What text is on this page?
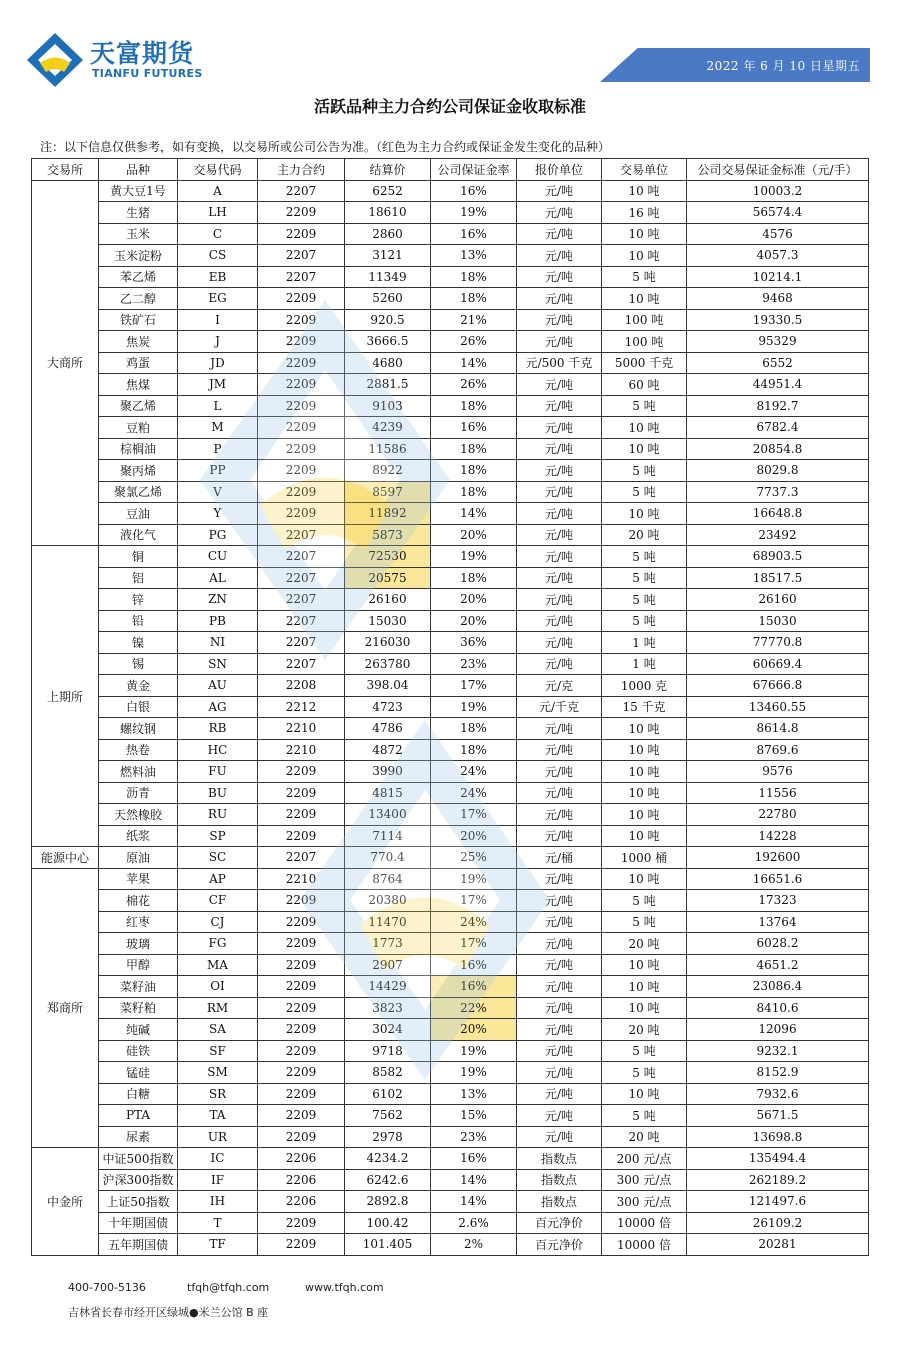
天富期货
TIANFU FUTURES
2022 年 6 月 10 日星期五
活跃品种主力合约公司保证金收取标准
注：以下信息仅供参考，如有变换，以交易所或公司公告为准。（红色为主力合约或保证金发生变化的品种）
交易所	品种	交易代码	主力合约	结算价	公司保证金率	报价单位	交易单位	公司交易保证金标准（元/手）
大商所	黄大豆1号	A	2207	6252	16%	元/吨	10 吨	10003.2
	生猪	LH	2209	18610	19%	元/吨	16 吨	56574.4
	玉米	C	2209	2860	16%	元/吨	10 吨	4576
	玉米淀粉	CS	2207	3121	13%	元/吨	10 吨	4057.3
	苯乙烯	EB	2207	11349	18%	元/吨	5 吨	10214.1
	乙二醇	EG	2209	5260	18%	元/吨	10 吨	9468
	铁矿石	I	2209	920.5	21%	元/吨	100 吨	19330.5
	焦炭	J	2209	3666.5	26%	元/吨	100 吨	95329
	鸡蛋	JD	2209	4680	14%	元/500 千克	5000 千克	6552
	焦煤	JM	2209	2881.5	26%	元/吨	60 吨	44951.4
	聚乙烯	L	2209	9103	18%	元/吨	5 吨	8192.7
	豆粕	M	2209	4239	16%	元/吨	10 吨	6782.4
	棕榈油	P	2209	11586	18%	元/吨	10 吨	20854.8
	聚丙烯	PP	2209	8922	18%	元/吨	5 吨	8029.8
	聚氯乙烯	V	2209	8597	18%	元/吨	5 吨	7737.3
	豆油	Y	2209	11892	14%	元/吨	10 吨	16648.8
	液化气	PG	2207	5873	20%	元/吨	20 吨	23492
上期所	铜	CU	2207	72530	19%	元/吨	5 吨	68903.5
	铝	AL	2207	20575	18%	元/吨	5 吨	18517.5
	锌	ZN	2207	26160	20%	元/吨	5 吨	26160
	铅	PB	2207	15030	20%	元/吨	5 吨	15030
	镍	NI	2207	216030	36%	元/吨	1 吨	77770.8
	锡	SN	2207	263780	23%	元/吨	1 吨	60669.4
	黄金	AU	2208	398.04	17%	元/克	1000 克	67666.8
	白银	AG	2212	4723	19%	元/千克	15 千克	13460.55
	螺纹钢	RB	2210	4786	18%	元/吨	10 吨	8614.8
	热卷	HC	2210	4872	18%	元/吨	10 吨	8769.6
	燃料油	FU	2209	3990	24%	元/吨	10 吨	9576
	沥青	BU	2209	4815	24%	元/吨	10 吨	11556
	天然橡胶	RU	2209	13400	17%	元/吨	10 吨	22780
	纸浆	SP	2209	7114	20%	元/吨	10 吨	14228
能源中心	原油	SC	2207	770.4	25%	元/桶	1000 桶	192600
郑商所	苹果	AP	2210	8764	19%	元/吨	10 吨	16651.6
	棉花	CF	2209	20380	17%	元/吨	5 吨	17323
	红枣	CJ	2209	11470	24%	元/吨	5 吨	13764
	玻璃	FG	2209	1773	17%	元/吨	20 吨	6028.2
	甲醇	MA	2209	2907	16%	元/吨	10 吨	4651.2
	菜籽油	OI	2209	14429	16%	元/吨	10 吨	23086.4
	菜籽粕	RM	2209	3823	22%	元/吨	10 吨	8410.6
	纯碱	SA	2209	3024	20%	元/吨	20 吨	12096
	硅铁	SF	2209	9718	19%	元/吨	5 吨	9232.1
	锰硅	SM	2209	8582	19%	元/吨	5 吨	8152.9
	白糖	SR	2209	6102	13%	元/吨	10 吨	7932.6
	PTA	TA	2209	7562	15%	元/吨	5 吨	5671.5
	尿素	UR	2209	2978	23%	元/吨	20 吨	13698.8
中金所	中证500指数	IC	2206	4234.2	16%	指数点	200 元/点	135494.4
	沪深300指数	IF	2206	6242.6	14%	指数点	300 元/点	262189.2
	上证50指数	IH	2206	2892.8	14%	指数点	300 元/点	121497.6
	十年期国债	T	2209	100.42	2.6%	百元净价	10000 倍	26109.2
	五年期国债	TF	2209	101.405	2%	百元净价	10000 倍	20281
400-700-5136	tfqh@tfqh.com	www.tfqh.com
吉林省长春市经开区绿城●米兰公馆 B 座
